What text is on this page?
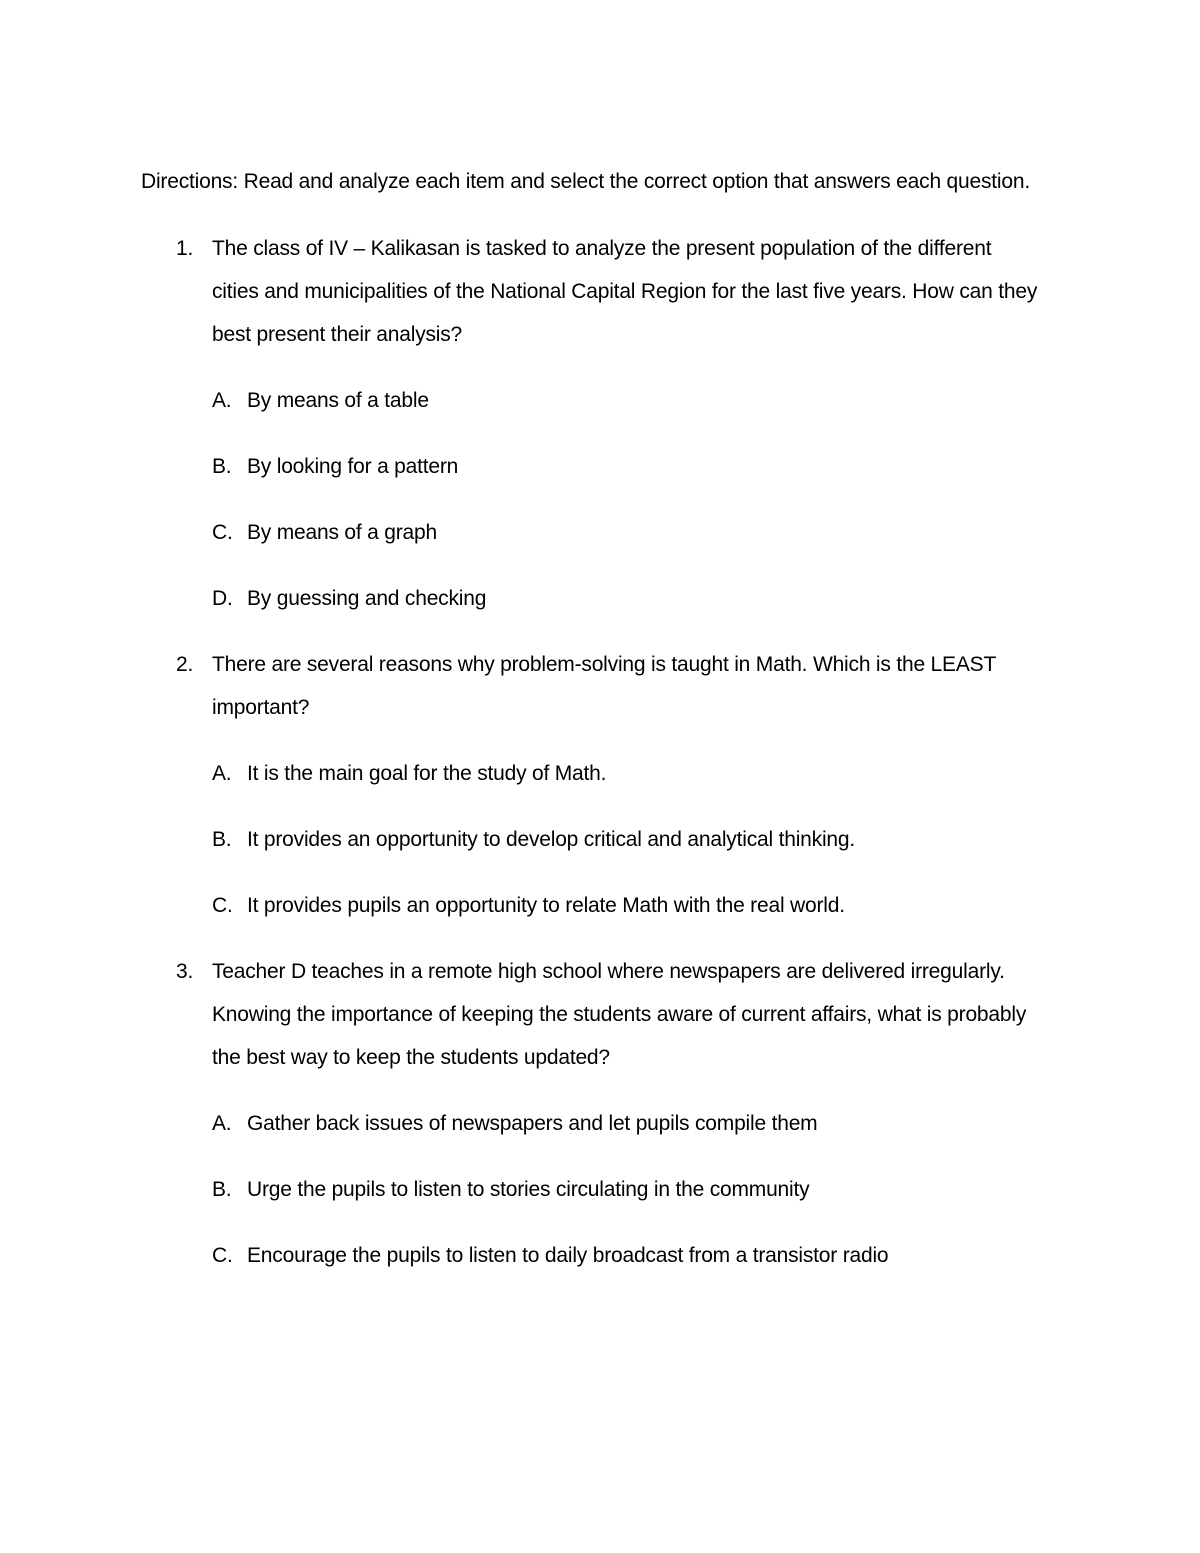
Directions: Read and analyze each item and select the correct option that answers each question.

1. The class of IV – Kalikasan is tasked to analyze the present population of the different cities and municipalities of the National Capital Region for the last five years. How can they best present their analysis?
A. By means of a table
B. By looking for a pattern
C. By means of a graph
D. By guessing and checking
2. There are several reasons why problem-solving is taught in Math. Which is the LEAST important?
A. It is the main goal for the study of Math.
B. It provides an opportunity to develop critical and analytical thinking.
C. It provides pupils an opportunity to relate Math with the real world.
3. Teacher D teaches in a remote high school where newspapers are delivered irregularly. Knowing the importance of keeping the students aware of current affairs, what is probably the best way to keep the students updated?
A. Gather back issues of newspapers and let pupils compile them
B. Urge the pupils to listen to stories circulating in the community
C. Encourage the pupils to listen to daily broadcast from a transistor radio
